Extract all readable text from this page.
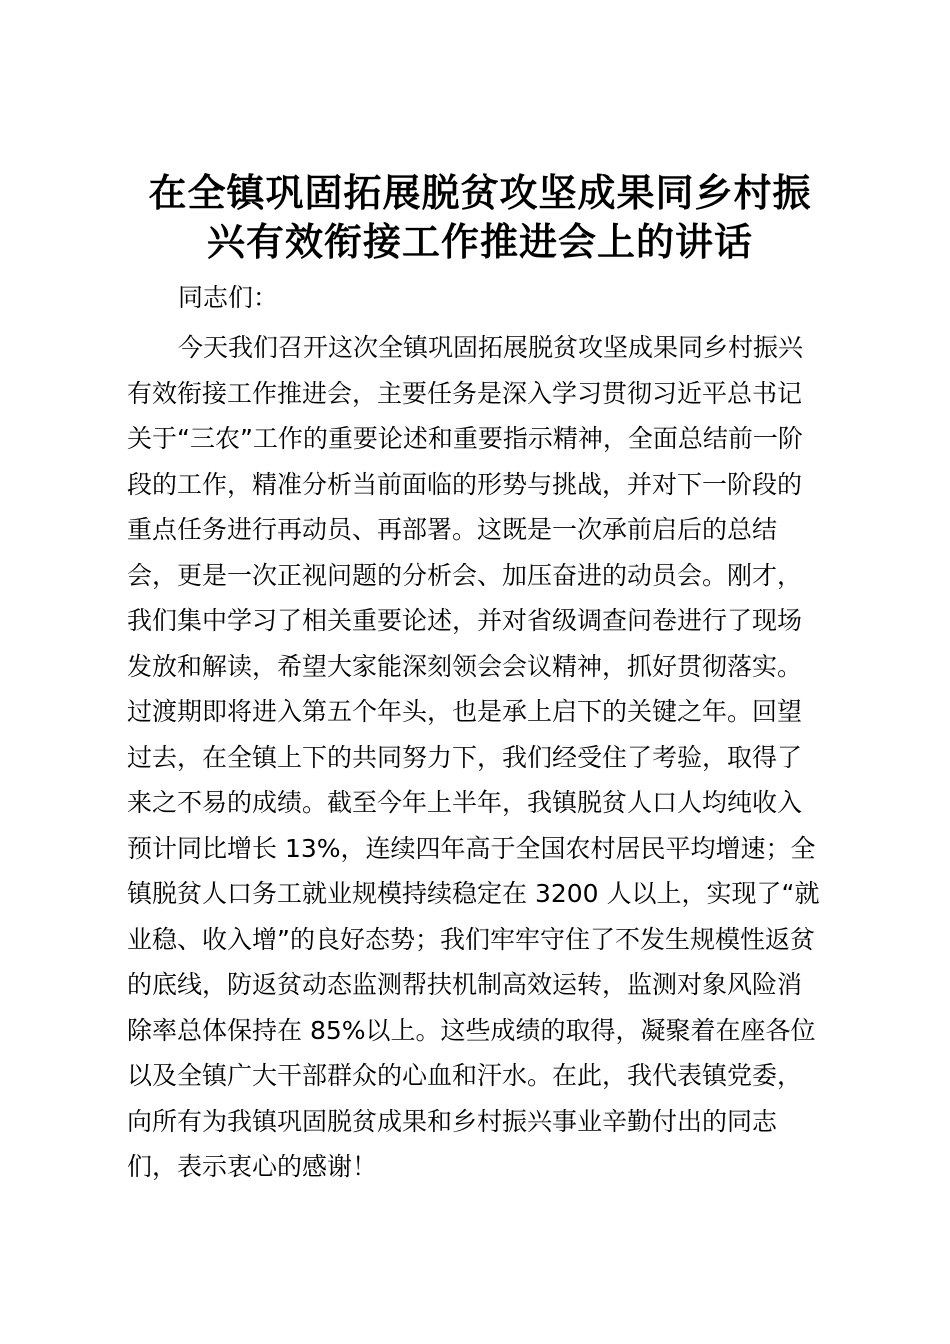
在全镇巩固拓展脱贫攻坚成果同乡村振
兴有效衔接工作推进会上的讲话

同志们：

今天我们召开这次全镇巩固拓展脱贫攻坚成果同乡村振兴
有效衔接工作推进会，主要任务是深入学习贯彻习近平总书记
关于“三农”工作的重要论述和重要指示精神，全面总结前一阶
段的工作，精准分析当前面临的形势与挑战，并对下一阶段的
重点任务进行再动员、再部署。这既是一次承前启后的总结
会，更是一次正视问题的分析会、加压奋进的动员会。刚才，
我们集中学习了相关重要论述，并对省级调查问卷进行了现场
发放和解读，希望大家能深刻领会会议精神，抓好贯彻落实。
过渡期即将进入第五个年头，也是承上启下的关键之年。回望
过去，在全镇上下的共同努力下，我们经受住了考验，取得了
来之不易的成绩。截至今年上半年，我镇脱贫人口人均纯收入
预计同比增长 13%，连续四年高于全国农村居民平均增速；全
镇脱贫人口务工就业规模持续稳定在 3200 人以上，实现了“就
业稳、收入增”的良好态势；我们牢牢守住了不发生规模性返贫
的底线，防返贫动态监测帮扶机制高效运转，监测对象风险消
除率总体保持在 85%以上。这些成绩的取得，凝聚着在座各位
以及全镇广大干部群众的心血和汗水。在此，我代表镇党委，
向所有为我镇巩固脱贫成果和乡村振兴事业辛勤付出的同志
们，表示衷心的感谢！
